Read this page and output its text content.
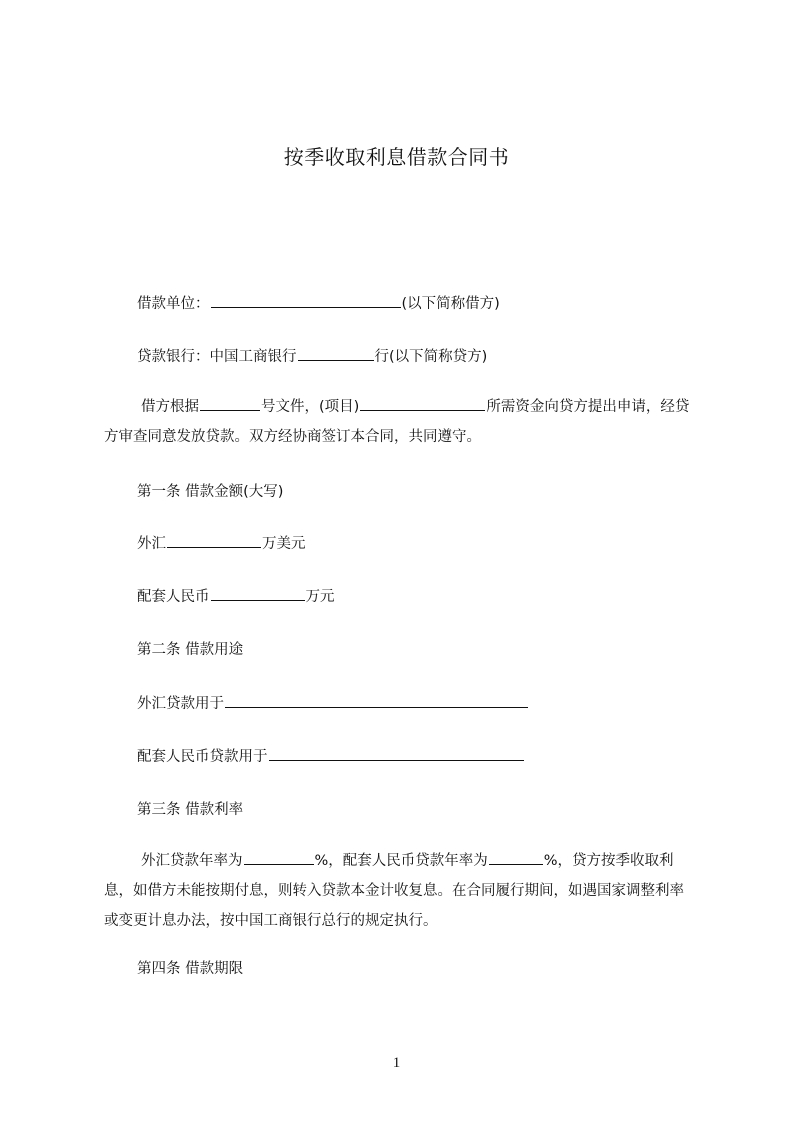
按季收取利息借款合同书
借款单位：	(以下简称借方)
贷款银行：中国工商银行	行(以下简称贷方)
借方根据	号文件，(项目)	所需资金向贷方提出申请，经贷方审查同意发放贷款。双方经协商签订本合同，共同遵守。
第一条 借款金额(大写)
外汇	万美元
配套人民币	万元
第二条 借款用途
外汇贷款用于
配套人民币贷款用于
第三条 借款利率
外汇贷款年率为	%，配套人民币贷款年率为	%，贷方按季收取利息，如借方未能按期付息，则转入贷款本金计收复息。在合同履行期间，如遇国家调整利率或变更计息办法，按中国工商银行总行的规定执行。
第四条 借款期限
1
